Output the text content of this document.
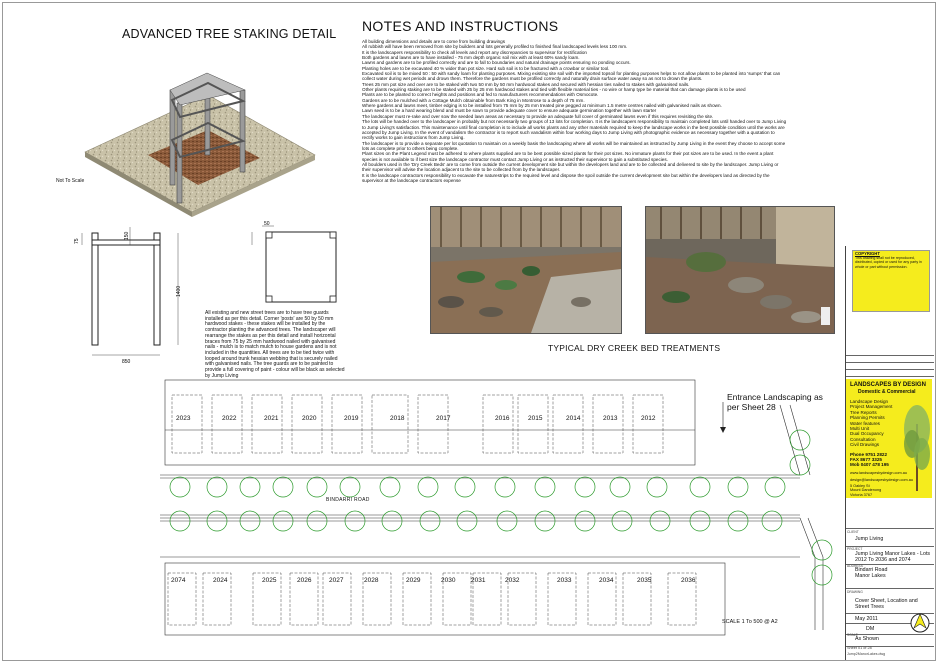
ADVANCED TREE STAKING DETAIL
Not To Scale
75
150
1400
850
50
All existing and new street trees are to have tree guards installed as per this detail. Corner 'posts' are 50 by 50 mm hardwood stakes - these stakes will be installed by the contractor planting the advanced trees. The landscaper will rearrange the stakes as per this detail and install horizontal braces from 75 by 25 mm hardwood nailed with galvanised nails - mulch is to match mulch to house gardens and is not included in the quantities. All trees are to be tied twice with looped around trunk hessian webbing that is securely nailed with galvanised nails. The tree guards are to be painted to provide a full covering of paint - colour will be black as selected by Jump Living
NOTES AND INSTRUCTIONS

All building dimensions and details are to come from building drawings

All rubbish will have been removed from site by builders and lots generally profiled to finished final landscaped levels less 100 mm.

It is the landscapers responsibility to check all levels and report any discrepancies to supervisor for rectification

Both gardens and lawns are to have installed - 75 mm depth organic soil mix with at least 60% sandy loam.

Lawns and gardens are to be profiled correctly and are to fall to boundaries and natural drainage points ensuring no ponding occurs.

Planting holes are to be excavated 40 % wider than pot size. Hard sub soil is to be fractured with a crowbar or similar tool.

Excavated soil is to be mixed 50 : 50 with sandy loam for planting purposes. Mixing existing site soil with the imported topsoil for planting purposes helps to not allow plants to be planted into 'sumps' that can collect water during wet periods and drown them. Therefore the gardens must be profiled correctly and naturally drain surface water away so as not to drown the plants.

Trees 25 mm pot size and over are to be staked with two 50 mm by 50 mm hardwood stakes and secured with hessian ties nailed to stakes with galvanised nails.

Other plants requiring staking are to be staked with 25 by 25 mm hardwood stakes and tied with flexible material ties - no wire or hamp type be material that can damage plants is to be used

Plants are to be planted to correct heights and positions and fed to manufacturers recommendations with Osmocote.

Gardens are to be mulched with a Cottage Mulch obtainable from Bark King in Montrose to a depth of 75 mm.

Where gardens and lawns meet, timber edging is to be installed from 75 mm by 25 mm treated pine pegged at minimum 1.5 metre centres nailed with galvanised nails as shown.

Lawn seed is to be a hard wearing blend and must be sown to provide adequate cover to ensure adequate germination together with lawn starter

The landscaper must re-rake and over sow the seeded lawn areas as necessary to provide an adequate full cover of germinated lawns even if this requires revisiting the site.

The lots will be handed over to the landscaper in probably but not necessarily two groups of 13 lots for completion. It is the landscapers responsibility to maintain completed lots until handed over to Jump Living to Jump Living's satisfaction. This maintenance until final completion is to include all works plants and any other materials required to keep the landscape works in the best possible condition until the works are accepted by Jump Living. In the event of vandalism the contractor is to report such vandalism within four working days to Jump Living with photographic evidence as necessary together with a quotation to rectify works to gain instructions from Jump Living.

The landscaper is to provide a separate per lot quotation to maintain on a weekly basis the landscaping where all works will be maintained as instructed by Jump Living in the event they choose to accept some lots as complete prior to others being complete.

Plant sizes on the Plant Legend must be adhered to where plants supplied are to be best possible sized plants for their pot sizes. No immature plants for their pot sizes are to be used. In the event a plant species is not available to if best size the landscape contractor must contact Jump Living or as instructed their supervisor to gain a substituted species.

All boulders used in the 'Dry Creek Beds' are to come from outside the current development site but within the developers land and are to be collected and delivered to site by the landscaper. Jump Living or their supervisor will advise the location adjacent to the site to be collected from by the landscaper.

It is the landscape contractors responsibility to excavate the naturestrips to the required level and dispose the spoil outside the current development site but within the developers land as directed by the supervisor at the landscape contractors expense

TYPICAL DRY CREEK BED TREATMENTS
2023	2022	2021	2020	2019	2018	2017	2016	2015	2014	2013	2012
2074	2024	2025	2026	2027	2028	2029	2030 2031	2032	2033	2034	2035	2036
BINDARRI ROAD
Entrance Landscaping as per Sheet 28
SCALE 1 To 500 @ A2
COPYRIGHT
This drawing shall not be reproduced, distributed, copied or used for any party in whole or part without permission.
LANDSCAPES BY DESIGN
Domestic & Commercial
Landscape Design
Project Management
Tree Reports
Planning Permits
Water features
Multi Unit
Dual Occupancy
Consultation
Civil Drawings
Phone 9751 2822
FAX 8677 3325
Mob 0407 478 195
www.landscapesbydesign.com.au
design@landscapesbydesign.com.au
5 Oakley St
Mount Dandenong
Victoria 3767
CLIENT
Jump Living
PROJECT
Jump Living Manor Lakes - Lots 2012 To 2036 and 2074
ADDRESS
Bindarri Road
Manor Lakes
DRAWING
Cover Sheet, Location and Street Trees
May 2011
DM
SCALE
As Shown
Sheet 01 of 28
Jump2ManorLakes.dwg
